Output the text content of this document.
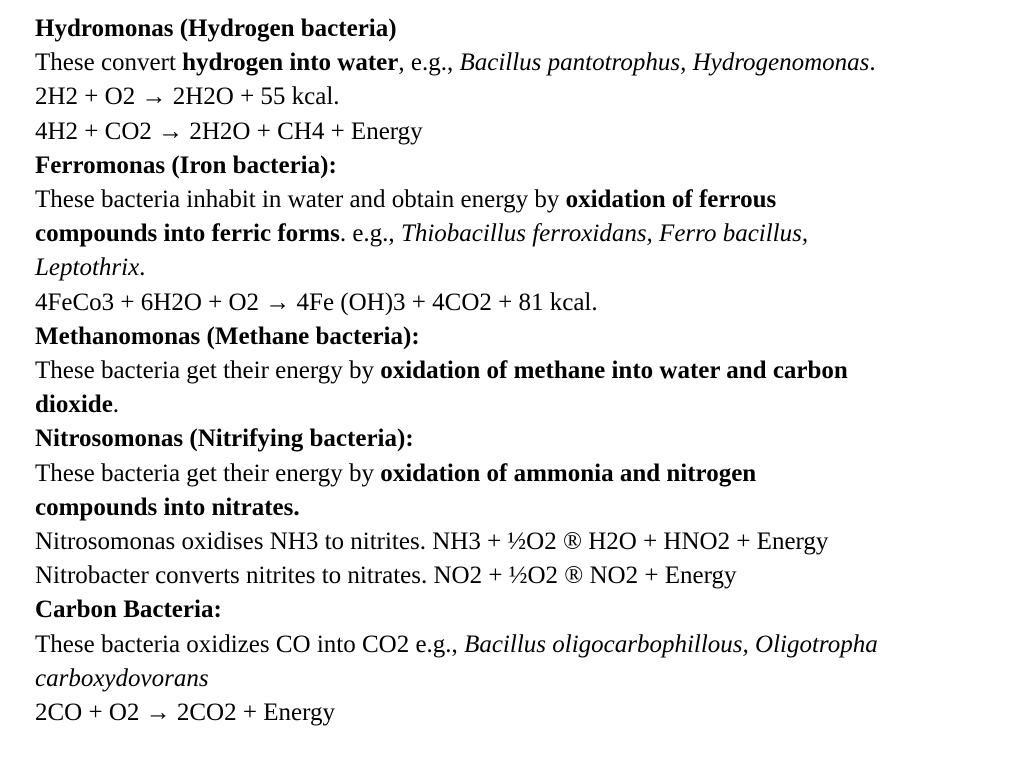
Hydromonas (Hydrogen bacteria)
These convert hydrogen into water, e.g., Bacillus pantotrophus, Hydrogenomonas.
2H2 + O2 → 2H2O + 55 kcal.
4H2 + CO2 → 2H2O + CH4 + Energy
Ferromonas (Iron bacteria):
These bacteria inhabit in water and obtain energy by oxidation of ferrous
compounds into ferric forms. e.g., Thiobacillus ferroxidans, Ferro bacillus,
Leptothrix.
4FeCo3 + 6H2O + O2 → 4Fe (OH)3 + 4CO2 + 81 kcal.
Methanomonas (Methane bacteria):
These bacteria get their energy by oxidation of methane into water and carbon
dioxide.
Nitrosomonas (Nitrifying bacteria):
These bacteria get their energy by oxidation of ammonia and nitrogen
compounds into nitrates.
Nitrosomonas oxidises NH3 to nitrites. NH3 + ½O2 ® H2O + HNO2 + Energy
Nitrobacter converts nitrites to nitrates. NO2 + ½O2 ® NO2 + Energy
Carbon Bacteria:
These bacteria oxidizes CO into CO2 e.g., Bacillus oligocarbophillous, Oligotropha
carboxydovorans
2CO + O2 → 2CO2 + Energy
